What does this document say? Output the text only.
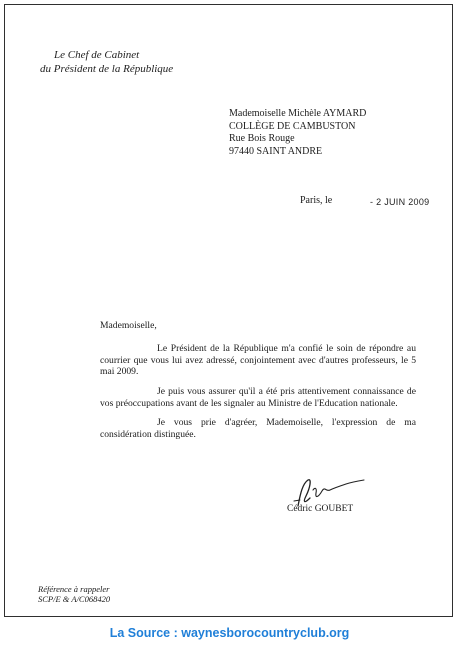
Le Chef de Cabinet
du Président de la République
Mademoiselle Michèle AYMARD
COLLÈGE DE CAMBUSTON
Rue Bois Rouge
97440 SAINT ANDRE
Paris, le	- 2 JUIN 2009

Mademoiselle,

Le Président de la République m'a confié le soin de répondre au courrier que vous lui avez adressé, conjointement avec d'autres professeurs, le 5 mai 2009.

Je puis vous assurer qu'il a été pris attentivement connaissance de vos préoccupations avant de les signaler au Ministre de l'Education nationale.

Je vous prie d'agréer, Mademoiselle, l'expression de ma considération distinguée.

Cédric GOUBET
Référence à rappeler
SCP/E & A/C068420
La Source : waynesborocountryclub.org
